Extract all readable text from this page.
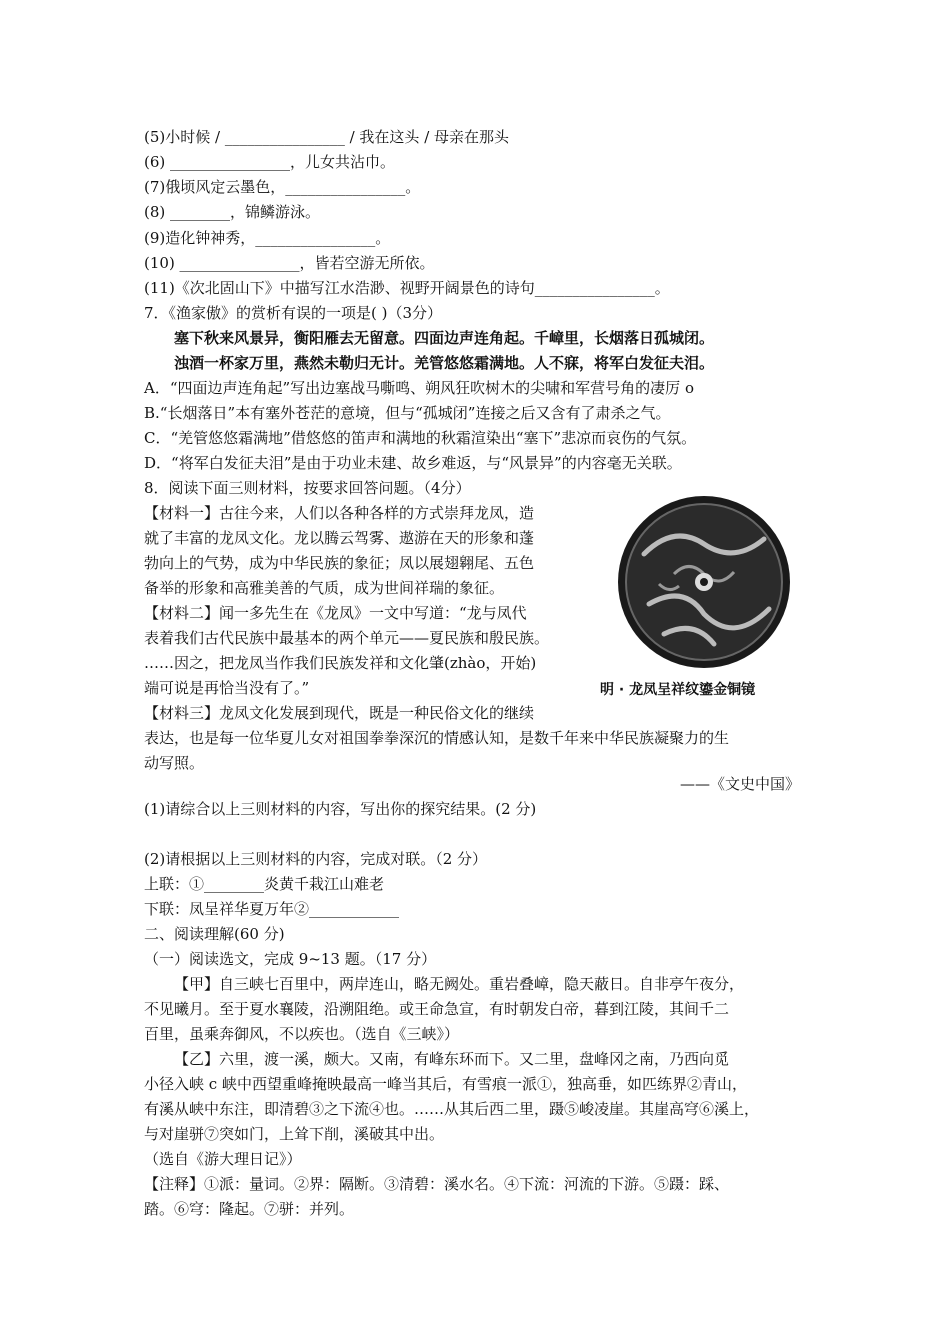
(5)小时候 / ________________ / 我在这头 / 母亲在那头
(6) ________________，儿女共沾巾。
(7)俄顷风定云墨色，________________。
(8) ________，锦鳞游泳。
(9)造化钟神秀，________________。
(10) ________________，皆若空游无所依。
(11)《次北固山下》中描写江水浩渺、视野开阔景色的诗句________________。
7．《渔家傲》的赏析有误的一项是( )（3分）
塞下秋来风景异，衡阳雁去无留意。四面边声连角起。千嶂里，长烟落日孤城闭。
浊酒一杯家万里，燕然未勒归无计。羌管悠悠霜满地。人不寐，将军白发征夫泪。
A．“四面边声连角起”写出边塞战马嘶鸣、朔风狂吹树木的尖啸和军营号角的凄厉 o
B.“长烟落日”本有塞外苍茫的意境，但与“孤城闭”连接之后又含有了肃杀之气。
C．“羌管悠悠霜满地”借悠悠的笛声和满地的秋霜渲染出“塞下”悲凉而哀伤的气氛。
D．“将军白发征夫泪”是由于功业未建、故乡难返，与“风景异”的内容毫无关联。
8．阅读下面三则材料，按要求回答问题。（4分）
【材料一】古往今来，人们以各种各样的方式崇拜龙凤，造
就了丰富的龙凤文化。龙以腾云驾雾、遨游在天的形象和蓬
勃向上的气势，成为中华民族的象征；凤以展翅翱尾、五色
备举的形象和高雅美善的气质，成为世间祥瑞的象征。
【材料二】闻一多先生在《龙凤》一文中写道：“龙与凤代
表着我们古代民族中最基本的两个单元——夏民族和殷民族。
……因之，把龙凤当作我们民族发祥和文化肇(zhào，开始)
端可说是再恰当没有了。”
【材料三】龙凤文化发展到现代，既是一种民俗文化的继续
表达，也是每一位华夏儿女对祖国拳拳深沉的情感认知，是数千年来中华民族凝聚力的生
动写照。
明 · 龙凤呈祥纹鎏金铜镜
——《文史中国》
(1)请综合以上三则材料的内容，写出你的探究结果。(2 分)
(2)请根据以上三则材料的内容，完成对联。（2 分）
上联：①________炎黄千栽江山难老
下联：凤呈祥华夏万年②____________
二、阅读理解(60 分)
（一）阅读选文，完成 9~13 题。（17 分）
【甲】自三峡七百里中，两岸连山，略无阙处。重岩叠嶂，隐天蔽日。自非亭午夜分，
不见曦月。至于夏水襄陵，沿溯阻绝。或王命急宣，有时朝发白帝，暮到江陵，其间千二
百里，虽乘奔御风，不以疾也。（选自《三峡》）
【乙】六里，渡一溪，颇大。又南，有峰东环而下。又二里，盘峰冈之南，乃西向觅
小径入峡 c 峡中西望重峰掩映最高一峰当其后，有雪痕一派①，独高垂，如匹练界②青山，
有溪从峡中东注，即清碧③之下流④也。……从其后西二里，蹑⑤峻凌崖。其崖高穹⑥溪上，
与对崖骈⑦突如门，上耸下削，溪破其中出。
（选自《游大理日记》）
【注释】①派：量词。②界：隔断。③清碧：溪水名。④下流：河流的下游。⑤蹑：踩、
踏。⑥穹：隆起。⑦骈：并列。
